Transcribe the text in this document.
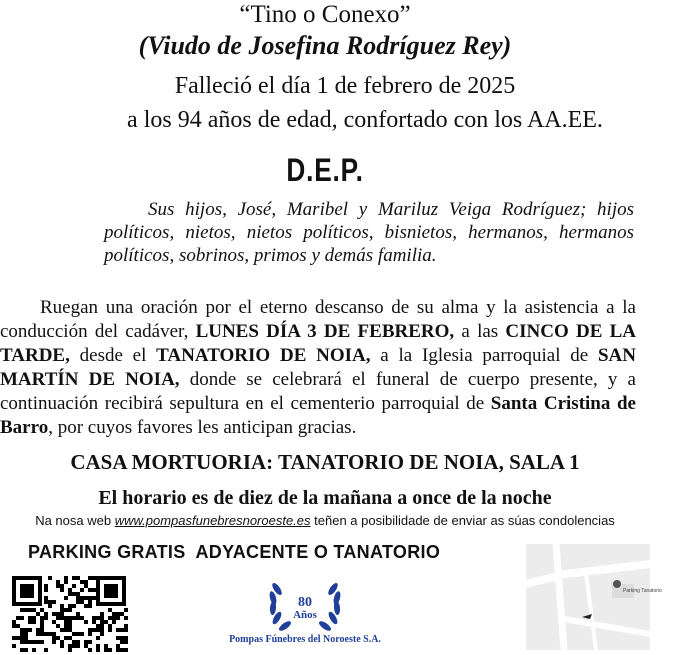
“Tino o Conexo”
(Viudo de Josefina Rodríguez Rey)
Falleció el día 1 de febrero de 2025
a los 94 años de edad, confortado con los AA.EE.
D.E.P.
Sus hijos, José, Maribel y Mariluz Veiga Rodríguez; hijos políticos, nietos, nietos políticos, bisnietos, hermanos, hermanos políticos, sobrinos, primos y demás familia.
Ruegan una oración por el eterno descanso de su alma y la asistencia a la conducción del cadáver, LUNES DÍA 3 DE FEBRERO, a las CINCO DE LA TARDE, desde el TANATORIO DE NOIA, a la Iglesia parroquial de SAN MARTÍN DE NOIA, donde se celebrará el funeral de cuerpo presente, y a continuación recibirá sepultura en el cementerio parroquial de Santa Cristina de Barro, por cuyos favores les anticipan gracias.
CASA MORTUORIA: TANATORIO DE NOIA, SALA 1
El horario es de diez de la mañana a once de la noche
Na nosa web www.pompasfunebresnoroeste.es teñen a posibilidade de enviar as súas condolencias
PARKING GRATIS  ADYACENTE O TANATORIO
80
Años
Pompas Fúnebres del Noroeste S.A.
Parking Tanatorio
